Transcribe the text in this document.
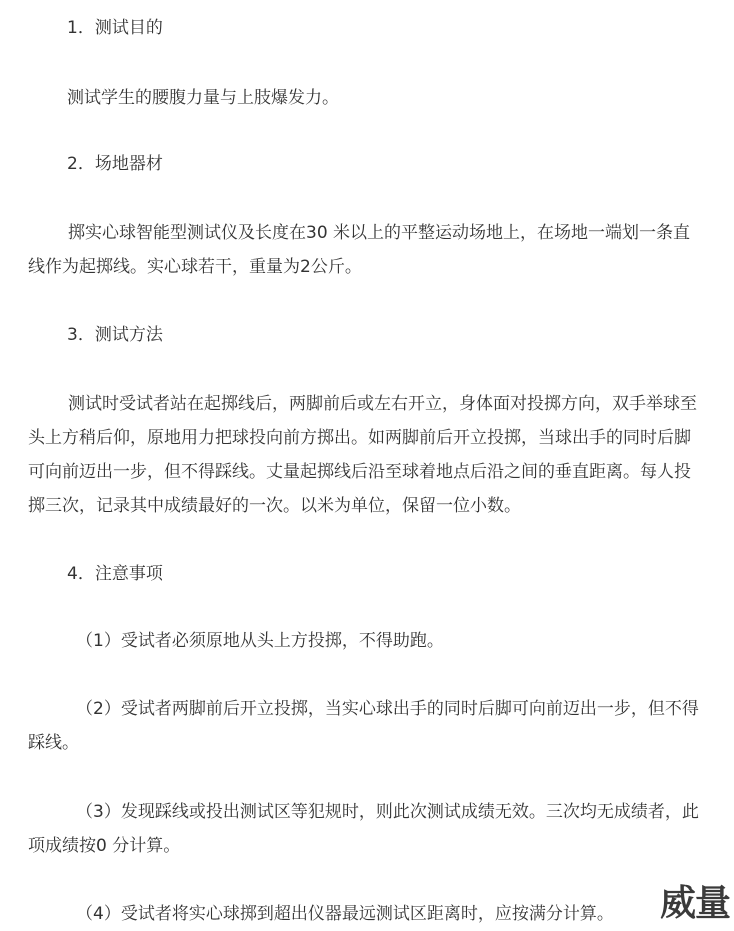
1．测试目的

测试学生的腰腹力量与上肢爆发力。

2．场地器材

掷实心球智能型测试仪及长度在30 米以上的平整运动场地上，在场地一端划一条直线作为起掷线。实心球若干，重量为2公斤。

3．测试方法

测试时受试者站在起掷线后，两脚前后或左右开立，身体面对投掷方向，双手举球至头上方稍后仰，原地用力把球投向前方掷出。如两脚前后开立投掷，当球出手的同时后脚可向前迈出一步，但不得踩线。丈量起掷线后沿至球着地点后沿之间的垂直距离。每人投掷三次，记录其中成绩最好的一次。以米为单位，保留一位小数。

4．注意事项

（1）受试者必须原地从头上方投掷，不得助跑。

（2）受试者两脚前后开立投掷，当实心球出手的同时后脚可向前迈出一步，但不得踩线。

（3）发现踩线或投出测试区等犯规时，则此次测试成绩无效。三次均无成绩者，此项成绩按0 分计算。

（4）受试者将实心球掷到超出仪器最远测试区距离时，应按满分计算。	威量
